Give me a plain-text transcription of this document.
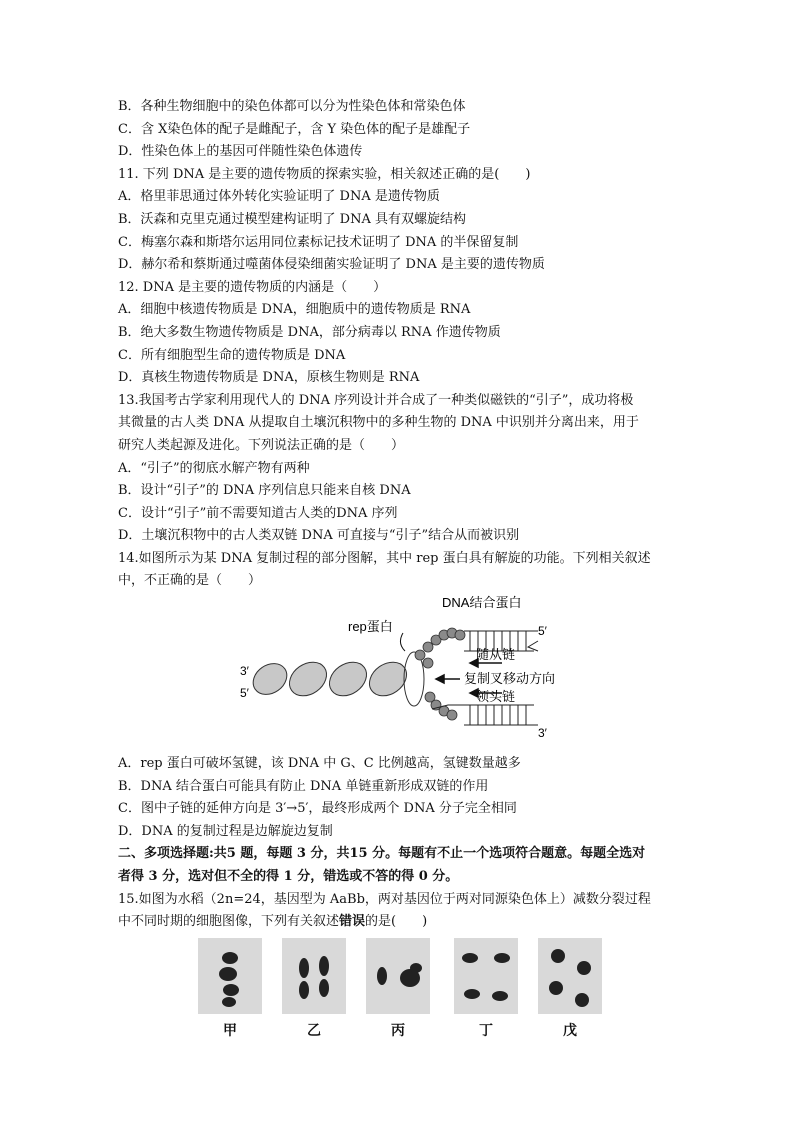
B．各种生物细胞中的染色体都可以分为性染色体和常染色体
C．含 X染色体的配子是雌配子，含 Y 染色体的配子是雄配子
D．性染色体上的基因可伴随性染色体遗传
11. 下列 DNA 是主要的遗传物质的探索实验，相关叙述正确的是(　　)
A．格里菲思通过体外转化实验证明了 DNA 是遗传物质
B．沃森和克里克通过模型建构证明了 DNA 具有双螺旋结构
C．梅塞尔森和斯塔尔运用同位素标记技术证明了 DNA 的半保留复制
D．赫尔希和蔡斯通过噬菌体侵染细菌实验证明了 DNA 是主要的遗传物质
12. DNA 是主要的遗传物质的内涵是（　　）
A．细胞中核遗传物质是 DNA，细胞质中的遗传物质是 RNA
B．绝大多数生物遗传物质是 DNA，部分病毒以 RNA 作遗传物质
C．所有细胞型生命的遗传物质是 DNA
D．真核生物遗传物质是 DNA，原核生物则是 RNA
13.我国考古学家利用现代人的 DNA 序列设计并合成了一种类似磁铁的“引子”，成功将极
其微量的古人类 DNA 从提取自土壤沉积物中的多种生物的 DNA 中识别并分离出来，用于
研究人类起源及进化。下列说法正确的是（　　）
A．“引子”的彻底水解产物有两种
B．设计“引子”的 DNA 序列信息只能来自核 DNA
C．设计“引子”前不需要知道古人类的DNA 序列
D．土壤沉积物中的古人类双链 DNA 可直接与“引子”结合从而被识别
14.如图所示为某 DNA 复制过程的部分图解，其中 rep 蛋白具有解旋的功能。下列相关叙述
中，不正确的是（　　）
DNA结合蛋白
rep蛋白	5′
3′
5′
随从链
复制叉移动方向
领头链
3′
A．rep 蛋白可破坏氢键，该 DNA 中 G、C 比例越高，氢键数量越多
B．DNA 结合蛋白可能具有防止 DNA 单链重新形成双链的作用
C．图中子链的延伸方向是 3′→5′，最终形成两个 DNA 分子完全相同
D．DNA 的复制过程是边解旋边复制
二、多项选择题:共5 题，每题 3 分，共15 分。每题有不止一个选项符合题意。每题全选对
者得 3 分，选对但不全的得 1 分，错选或不答的得 0 分。
15.如图为水稻（2n=24，基因型为 AaBb，两对基因位于两对同源染色体上）减数分裂过程
中不同时期的细胞图像，下列有关叙述错误的是(　　)
甲	乙	丙	丁	戊
